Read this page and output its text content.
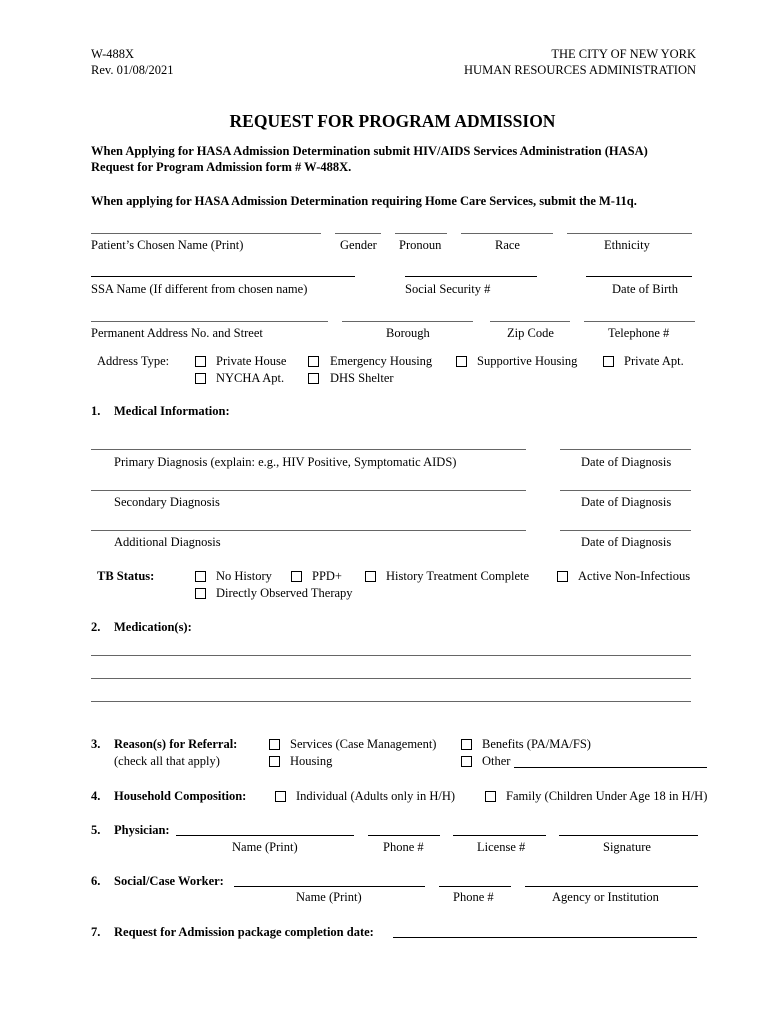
W-488X
Rev. 01/08/2021
THE CITY OF NEW YORK
HUMAN RESOURCES ADMINISTRATION
REQUEST FOR PROGRAM ADMISSION
When Applying for HASA Admission Determination submit HIV/AIDS Services Administration (HASA)
Request for Program Admission form # W-488X.
When applying for HASA Admission Determination requiring Home Care Services, submit the M-11q.
Patient’s Chosen Name (Print)	Gender Pronoun	Race	Ethnicity
SSA Name (If different from chosen name)	Social Security #	Date of Birth
Permanent Address No. and Street	Borough	Zip Code	Telephone #
Address Type:	Private House	Emergency Housing	Supportive Housing	Private Apt.
NYCHA Apt.	DHS Shelter
1. Medical Information:
Primary Diagnosis (explain: e.g., HIV Positive, Symptomatic AIDS)	Date of Diagnosis
Secondary Diagnosis	Date of Diagnosis
Additional Diagnosis	Date of Diagnosis
TB Status:	No History	PPD+	History Treatment Complete	Active Non-Infectious
Directly Observed Therapy
2. Medication(s):
3. Reason(s) for Referral:
(check all that apply)
Services (Case Management)	Benefits (PA/MA/FS)
Housing	Other
4. Household Composition:	Individual (Adults only in H/H)	Family (Children Under Age 18 in H/H)
5. Physician:
Name (Print)	Phone #	License #	Signature
6. Social/Case Worker:
Name (Print)	Phone #	Agency or Institution
7. Request for Admission package completion date:
